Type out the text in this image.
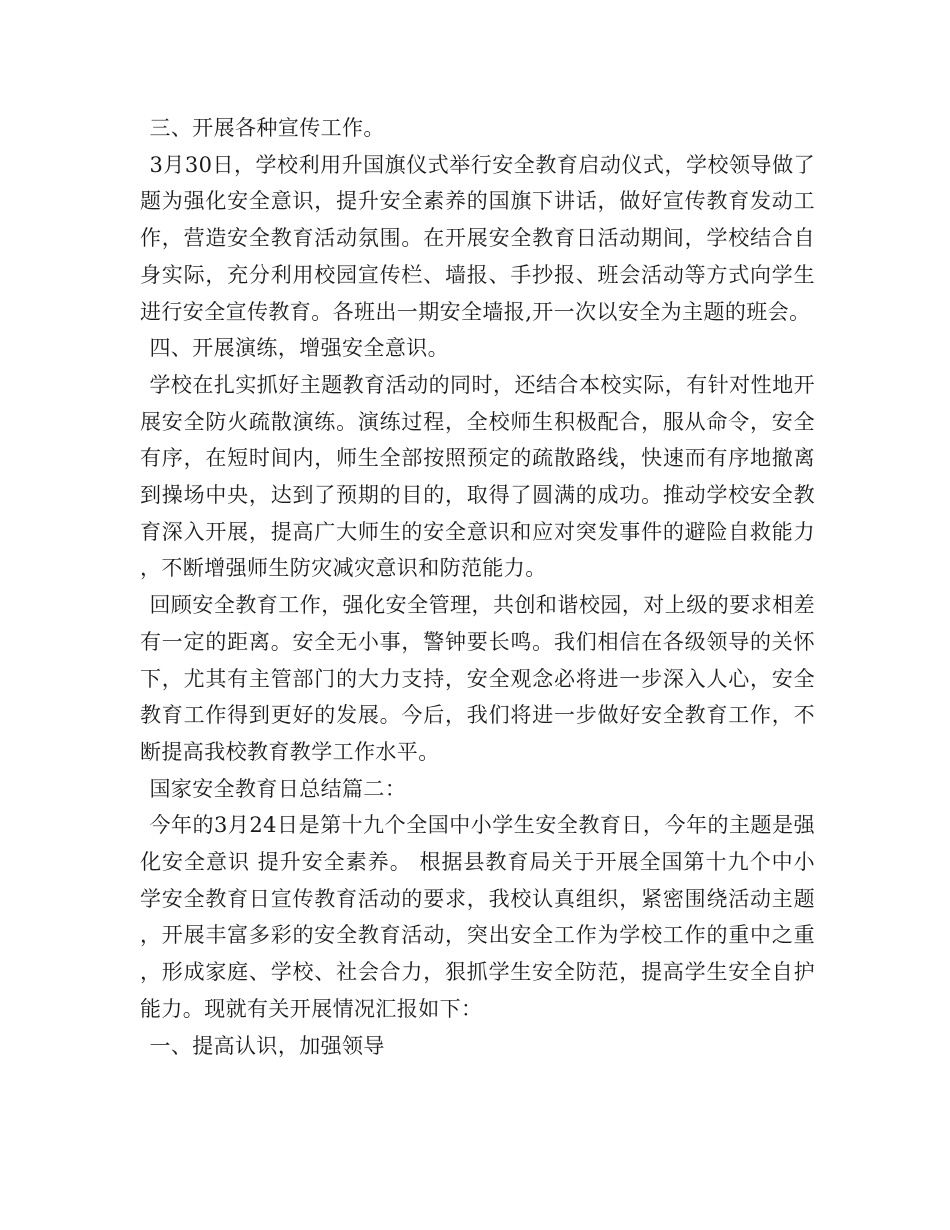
三、开展各种宣传工作。

3月30日，学校利用升国旗仪式举行安全教育启动仪式，学校领导做了题为强化安全意识，提升安全素养的国旗下讲话，做好宣传教育发动工作，营造安全教育活动氛围。在开展安全教育日活动期间，学校结合自身实际，充分利用校园宣传栏、墙报、手抄报、班会活动等方式向学生进行安全宣传教育。各班出一期安全墙报,开一次以安全为主题的班会。

四、开展演练，增强安全意识。

学校在扎实抓好主题教育活动的同时，还结合本校实际，有针对性地开展安全防火疏散演练。演练过程，全校师生积极配合，服从命令，安全有序，在短时间内，师生全部按照预定的疏散路线，快速而有序地撤离到操场中央，达到了预期的目的，取得了圆满的成功。推动学校安全教育深入开展，提高广大师生的安全意识和应对突发事件的避险自救能力，不断增强师生防灾减灾意识和防范能力。

回顾安全教育工作，强化安全管理，共创和谐校园，对上级的要求相差有一定的距离。安全无小事，警钟要长鸣。我们相信在各级领导的关怀下，尤其有主管部门的大力支持，安全观念必将进一步深入人心，安全教育工作得到更好的发展。今后，我们将进一步做好安全教育工作，不断提高我校教育教学工作水平。

国家安全教育日总结篇二：

今年的3月24日是第十九个全国中小学生安全教育日，今年的主题是强化安全意识 提升安全素养。 根据县教育局关于开展全国第十九个中小学安全教育日宣传教育活动的要求，我校认真组织，紧密围绕活动主题，开展丰富多彩的安全教育活动，突出安全工作为学校工作的重中之重，形成家庭、学校、社会合力，狠抓学生安全防范，提高学生安全自护能力。现就有关开展情况汇报如下：

一、提高认识，加强领导
